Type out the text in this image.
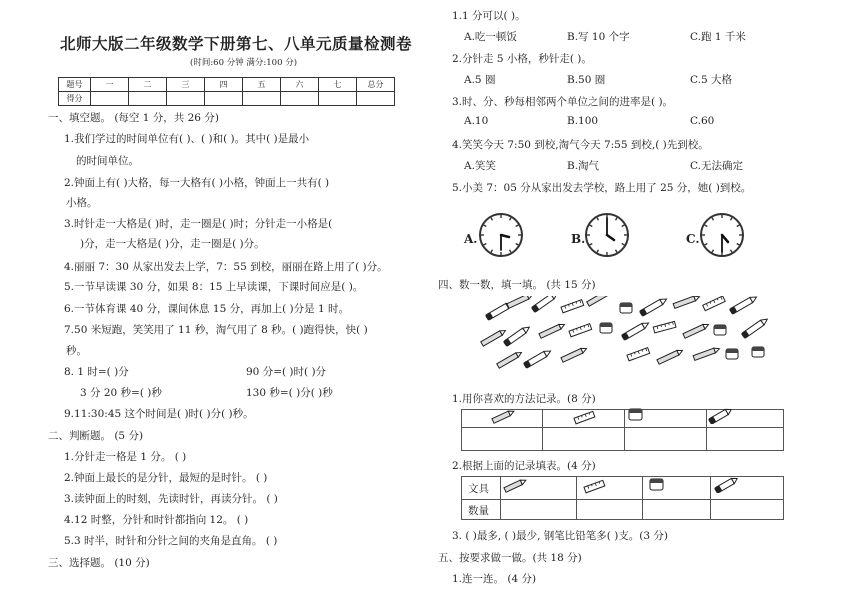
北师大版二年级数学下册第七、八单元质量检测卷
(时间:60 分钟 满分:100 分)
题号	一	二	三	四	五	六	七	总分
得分								
一、填空题。 (每空 1 分，共 26 分)
1.我们学过的时间单位有( )、( )和( )。其中( )是最小
的时间单位。
2.钟面上有( )大格，每一大格有( )小格，钟面上一共有( )
小格。
3.时针走一大格是( )时，走一圈是( )时；分针走一小格是(
)分，走一大格是( )分，走一圈是( )分。
4.丽丽 7：30 从家出发去上学，7：55 到校，丽丽在路上用了( )分。
5.一节早读课 30 分，如果 8：15 上早读课，下课时间应是( )。
6.一节体育课 40 分，课间休息 15 分，再加上( )分是 1 时。
7.50 米短跑，笑笑用了 11 秒，淘气用了 8 秒。( )跑得快，快( )
秒。
8. 1 时=( )分	90 分=( )时( )分
3 分 20 秒=( )秒	130 秒=( )分( )秒
9.11:30:45 这个时间是( )时( )分( )秒。
二、判断题。 (5 分)
1.分针走一格是 1 分。 ( )
2.钟面上最长的是分针，最短的是时针。 ( )
3.读钟面上的时刻，先读时针，再读分针。 ( )
4.12 时整，分针和时针都指向 12。 ( )
5.3 时半，时针和分针之间的夹角是直角。 ( )
三、选择题。 (10 分)
1.1 分可以( )。
A.吃一顿饭	B.写 10 个字	C.跑 1 千米
2.分针走 5 小格，秒针走( )。
A.5 圈	B.50 圈	C.5 大格
3.时、分、秒每相邻两个单位之间的进率是( )。
A.10	B.100	C.60
4.笑笑今天 7:50 到校,淘气今天 7:55 到校,( )先到校。
A.笑笑	B.淘气	C.无法确定
5.小美 7：05 分从家出发去学校，路上用了 25 分，她( )到校。
A.	B.	C.
四、数一数，填一填。 (共 15 分)
1.用你喜欢的方法记录。(8 分)
2.根据上面的记录填表。(4 分)
文具
数量
3. ( )最多, ( )最少, 钢笔比铅笔多( )支。(3 分)
五、按要求做一做。(共 18 分)
1.连一连。 (4 分)
